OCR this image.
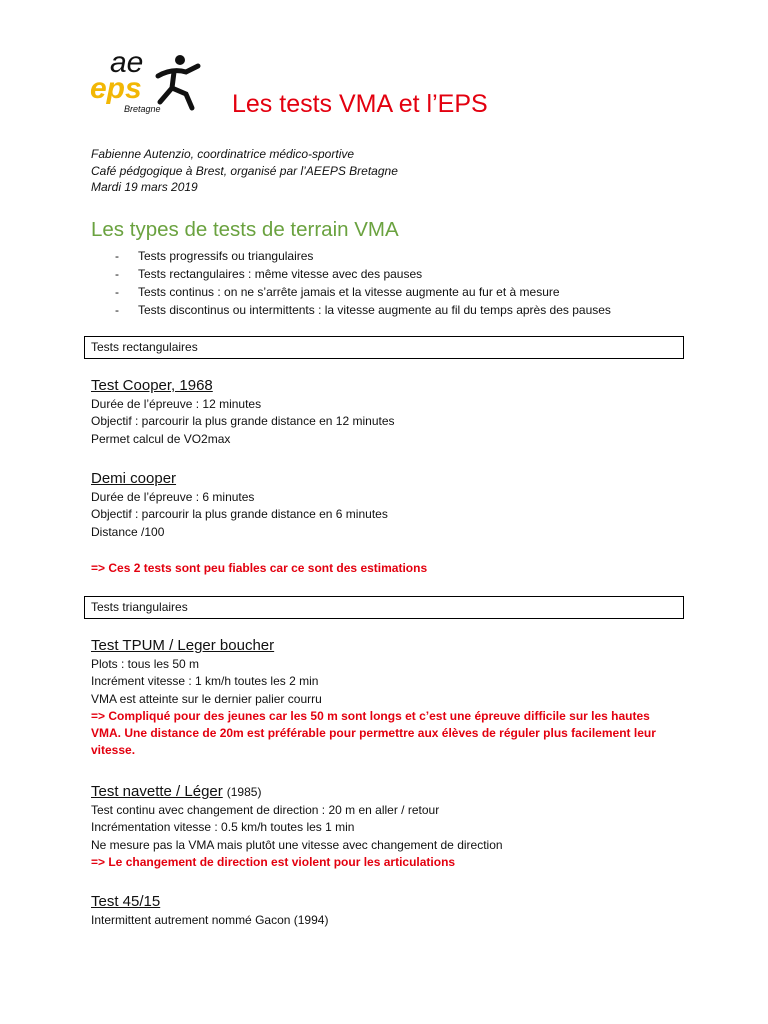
ae
eps
Bretagne	Les tests VMA et l’EPS
Fabienne Autenzio, coordinatrice médico-sportive
Café pédgogique à Brest, organisé par l’AEEPS Bretagne
Mardi 19 mars 2019
Les types de tests de terrain VMA
- Tests progressifs ou triangulaires
- Tests rectangulaires : même vitesse avec des pauses
- Tests continus : on ne s’arrête jamais et la vitesse augmente au fur et à mesure
- Tests discontinus ou intermittents : la vitesse augmente au fil du temps après des pauses
Tests rectangulaires
Test Cooper, 1968
Durée de l’épreuve : 12 minutes
Objectif : parcourir la plus grande distance en 12 minutes
Permet calcul de VO2max
Demi cooper
Durée de l’épreuve : 6 minutes
Objectif : parcourir la plus grande distance en 6 minutes
Distance /100
=> Ces 2 tests sont peu fiables car ce sont des estimations
Tests triangulaires
Test TPUM / Leger boucher
Plots : tous les 50 m
Incrément vitesse : 1 km/h toutes les 2 min
VMA est atteinte sur le dernier palier courru
=> Compliqué pour des jeunes car les 50 m sont longs et c’est une épreuve difficile sur les hautes VMA. Une distance de 20m est préférable pour permettre aux élèves de réguler plus facilement leur vitesse.
Test navette / Léger (1985)
Test continu avec changement de direction : 20 m en aller / retour
Incrémentation vitesse : 0.5 km/h toutes les 1 min
Ne mesure pas la VMA mais plutôt une vitesse avec changement de direction
=> Le changement de direction est violent pour les articulations
Test 45/15
Intermittent autrement nommé Gacon (1994)
